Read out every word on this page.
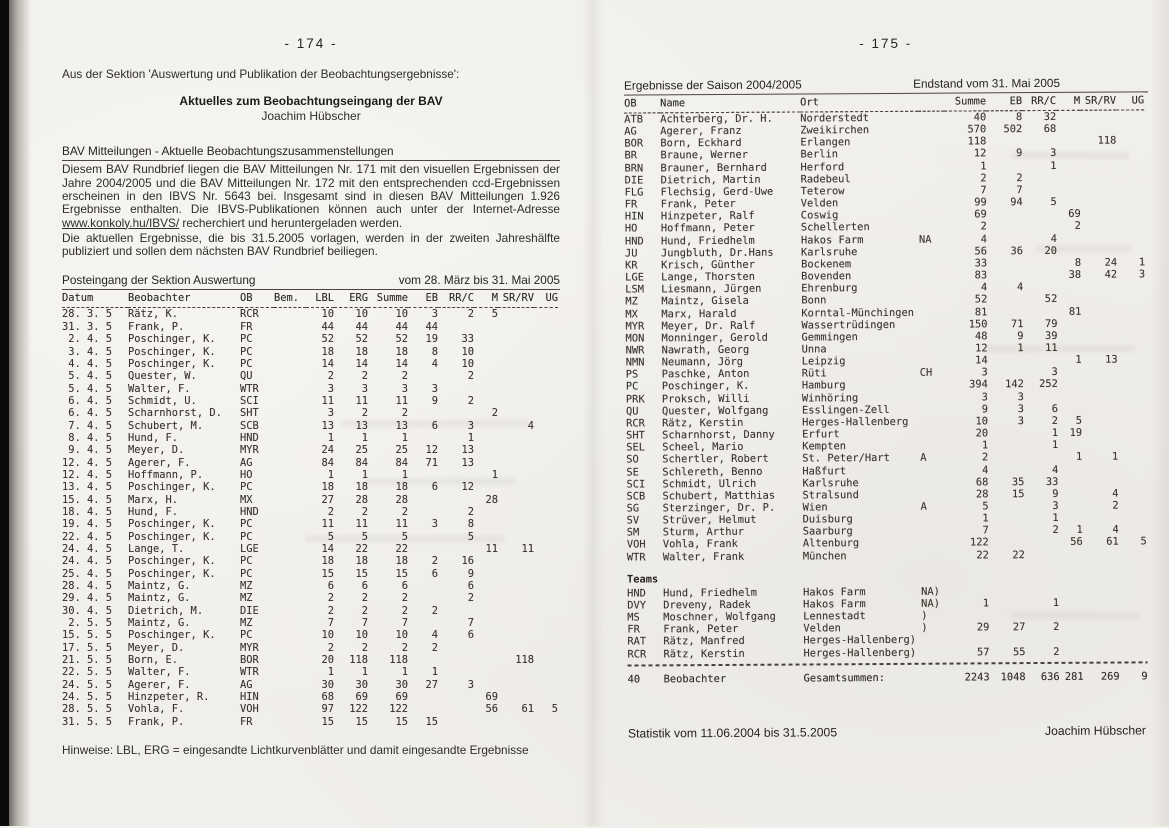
- 174 -
Aus der Sektion 'Auswertung und Publikation der Beobachtungsergebnisse':
Aktuelles zum Beobachtungseingang der BAV
Joachim Hübscher
BAV Mitteilungen - Aktuelle Beobachtungszusammenstellungen

Diesem BAV Rundbrief liegen die BAV Mitteilungen Nr. 171 mit den visuellen Ergebnissen der Jahre 2004/2005 und die BAV Mitteilungen Nr. 172 mit den entsprechenden ccd-Ergebnissen erscheinen in den IBVS Nr. 5643 bei. Insgesamt sind in diesen BAV Mitteilungen 1.926 Ergebnisse enthalten. Die IBVS-Publikationen können auch unter der Internet-Adresse www.konkoly.hu/IBVS/ recherchiert und heruntergeladen werden.

Die aktuellen Ergebnisse, die bis 31.5.2005 vorlagen, werden in der zweiten Jahreshälfte publiziert und sollen dem nächsten BAV Rundbrief beiliegen.

Posteingang der Sektion Auswertung	vom 28. März bis 31. Mai 2005
Datum	Beobachter	OB	Bem.	LBL	ERG	Summe	EB	RR/C	M	SR/RV	UG
28. 3. 5	Rätz, K.	RCR		10	10	10	3	2	5		
31. 3. 5	Frank, P.	FR		44	44	44	44				
2. 4. 5	Poschinger, K.	PC		52	52	52	19	33			
3. 4. 5	Poschinger, K.	PC		18	18	18	8	10			
4. 4. 5	Poschinger, K.	PC		14	14	14	4	10			
5. 4. 5	Quester, W.	QU		2	2	2		2			
5. 4. 5	Walter, F.	WTR		3	3	3	3				
6. 4. 5	Schmidt, U.	SCI		11	11	11	9	2			
6. 4. 5	Scharnhorst, D.	SHT		3	2	2			2		
7. 4. 5	Schubert, M.	SCB		13	13	13	6	3		4	
8. 4. 5	Hund, F.	HND		1	1	1		1			
9. 4. 5	Meyer, D.	MYR		24	25	25	12	13			
12. 4. 5	Agerer, F.	AG		84	84	84	71	13			
12. 4. 5	Hoffmann, P.	HO		1	1	1			1		
13. 4. 5	Poschinger, K.	PC		18	18	18	6	12			
15. 4. 5	Marx, H.	MX		27	28	28			28		
18. 4. 5	Hund, F.	HND		2	2	2		2			
19. 4. 5	Poschinger, K.	PC		11	11	11	3	8			
22. 4. 5	Poschinger, K.	PC		5	5	5		5			
24. 4. 5	Lange, T.	LGE		14	22	22			11	11	
24. 4. 5	Poschinger, K.	PC		18	18	18	2	16			
25. 4. 5	Poschinger, K.	PC		15	15	15	6	9			
28. 4. 5	Maintz, G.	MZ		6	6	6		6			
29. 4. 5	Maintz, G.	MZ		2	2	2		2			
30. 4. 5	Dietrich, M.	DIE		2	2	2	2				
2. 5. 5	Maintz, G.	MZ		7	7	7		7			
15. 5. 5	Poschinger, K.	PC		10	10	10	4	6			
17. 5. 5	Meyer, D.	MYR		2	2	2	2				
21. 5. 5	Born, E.	BOR		20	118	118				118	
22. 5. 5	Walter, F.	WTR		1	1	1	1				
24. 5. 5	Agerer, F.	AG		30	30	30	27	3			
24. 5. 5	Hinzpeter, R.	HIN		68	69	69			69		
28. 5. 5	Vohla, F.	VOH		97	122	122			56	61	5
31. 5. 5	Frank, P.	FR		15	15	15	15				
Hinweise: LBL, ERG = eingesandte Lichtkurvenblätter und damit eingesandte Ergebnisse
- 175 -
Ergebnisse der Saison 2004/2005	Endstand vom 31. Mai 2005
OB	Name	Ort		Summe	EB	RR/C	M	SR/RV	UG
ATB	Achterberg, Dr. H.	Norderstedt		40	8	32			
AG	Agerer, Franz	Zweikirchen		570	502	68			
BOR	Born, Eckhard	Erlangen		118				118	
BR	Braune, Werner	Berlin		12	9	3			
BRN	Brauner, Bernhard	Herford		1		1			
DIE	Dietrich, Martin	Radebeul		2	2				
FLG	Flechsig, Gerd-Uwe	Teterow		7	7				
FR	Frank, Peter	Velden		99	94	5			
HIN	Hinzpeter, Ralf	Coswig		69			69		
HO	Hoffmann, Peter	Schellerten		2			2		
HND	Hund, Friedhelm	Hakos Farm	NA	4		4			
JU	Jungbluth, Dr.Hans	Karlsruhe		56	36	20			
KR	Krisch, Günther	Bockenem		33			8	24	1
LGE	Lange, Thorsten	Bovenden		83			38	42	3
LSM	Liesmann, Jürgen	Ehrenburg		4	4				
MZ	Maintz, Gisela	Bonn		52		52			
MX	Marx, Harald	Korntal-Münchingen		81			81		
MYR	Meyer, Dr. Ralf	Wassertrüdingen		150	71	79			
MON	Monninger, Gerold	Gemmingen		48	9	39			
NWR	Nawrath, Georg	Unna		12	1	11			
NMN	Neumann, Jörg	Leipzig		14			1	13	
PS	Paschke, Anton	Rüti	CH	3		3			
PC	Poschinger, K.	Hamburg		394	142	252			
PRK	Proksch, Willi	Winhöring		3	3				
QU	Quester, Wolfgang	Esslingen-Zell		9	3	6			
RCR	Rätz, Kerstin	Herges-Hallenberg		10	3	2	5		
SHT	Scharnhorst, Danny	Erfurt		20		1	19		
SEL	Scheel, Mario	Kempten		1		1			
SO	Schertler, Robert	St. Peter/Hart	A	2			1	1	
SE	Schlereth, Benno	Haßfurt		4		4			
SCI	Schmidt, Ulrich	Karlsruhe		68	35	33			
SCB	Schubert, Matthias	Stralsund		28	15	9		4	
SG	Sterzinger, Dr. P.	Wien	A	5		3		2	
SV	Strüver, Helmut	Duisburg		1		1			
SM	Sturm, Arthur	Saarburg		7		2	1	4	
VOH	Vohla, Frank	Altenburg		122			56	61	5
WTR	Walter, Frank	München		22	22				
Teams
HND	Hund, Friedhelm	Hakos Farm	NA)						
DVY	Dreveny, Radek	Hakos Farm	NA)	1		1			
MS	Moschner, Wolfgang	Lennestadt	)						
FR	Frank, Peter	Velden	)	29	27	2			
RAT	Rätz, Manfred	Herges-Hallenberg)							
RCR	Rätz, Kerstin	Herges-Hallenberg)		57	55	2			
40	Beobachter	Gesamtsummen:		2243	1048	636	281	269	9
Statistik vom 11.06.2004 bis 31.5.2005	Joachim Hübscher
